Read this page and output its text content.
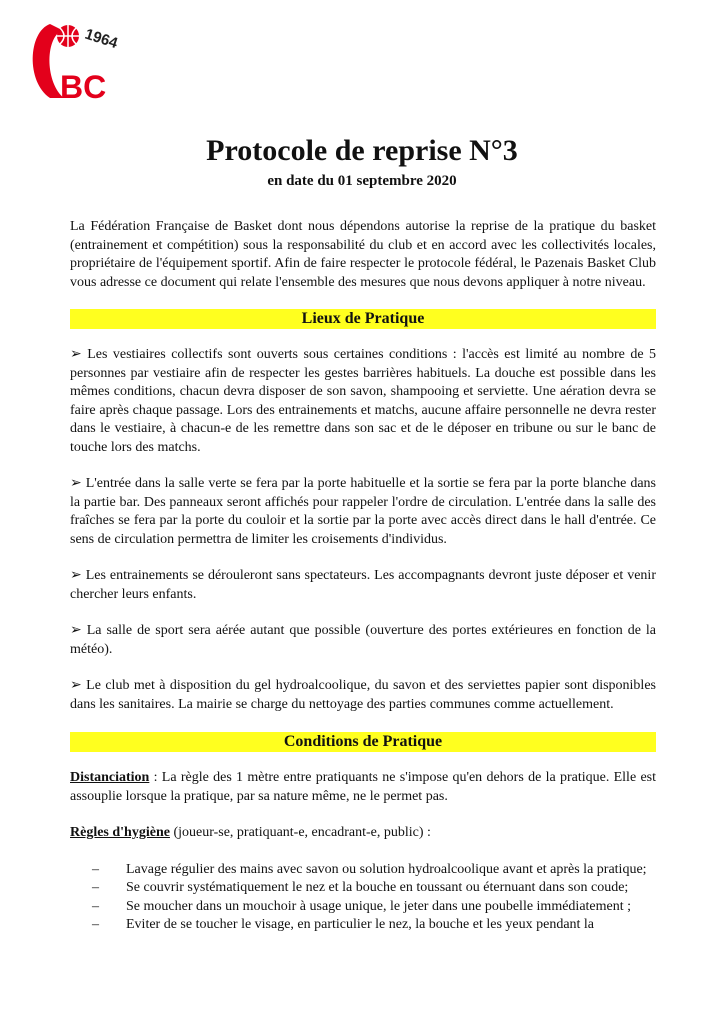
1964
BC
Protocole de reprise N°3
en date du 01 septembre 2020

La Fédération Française de Basket dont nous dépendons autorise la reprise de la pratique du basket (entrainement et compétition) sous la responsabilité du club et en accord avec les collectivités locales, propriétaire de l'équipement sportif. Afin de faire respecter le protocole fédéral, le Pazenais Basket Club vous adresse ce document qui relate l'ensemble des mesures que nous devons appliquer à notre niveau.

Lieux de Pratique

➢ Les vestiaires collectifs sont ouverts sous certaines conditions : l'accès est limité au nombre de 5 personnes par vestiaire afin de respecter les gestes barrières habituels. La douche est possible dans les mêmes conditions, chacun devra disposer de son savon, shampooing et serviette. Une aération devra se faire après chaque passage. Lors des entrainements et matchs, aucune affaire personnelle ne devra rester dans le vestiaire, à chacun-e de les remettre dans son sac et de le déposer en tribune ou sur le banc de touche lors des matchs.

➢ L'entrée dans la salle verte se fera par la porte habituelle et la sortie se fera par la porte blanche dans la partie bar. Des panneaux seront affichés pour rappeler l'ordre de circulation. L'entrée dans la salle des fraîches se fera par la porte du couloir et la sortie par la porte avec accès direct dans le hall d'entrée. Ce sens de circulation permettra de limiter les croisements d'individus.

➢ Les entrainements se dérouleront sans spectateurs. Les accompagnants devront juste déposer et venir chercher leurs enfants.

➢ La salle de sport sera aérée autant que possible (ouverture des portes extérieures en fonction de la météo).

➢ Le club met à disposition du gel hydroalcoolique, du savon et des serviettes papier sont disponibles dans les sanitaires. La mairie se charge du nettoyage des parties communes comme actuellement.

Conditions de Pratique

Distanciation : La règle des 1 mètre entre pratiquants ne s'impose qu'en dehors de la pratique. Elle est assouplie lorsque la pratique, par sa nature même, ne le permet pas.

Règles d'hygiène (joueur-se, pratiquant-e, encadrant-e, public) :

– Lavage régulier des mains avec savon ou solution hydroalcoolique avant et après la pratique;
– Se couvrir systématiquement le nez et la bouche en toussant ou éternuant dans son coude;
– Se moucher dans un mouchoir à usage unique, le jeter dans une poubelle immédiatement ;
– Eviter de se toucher le visage, en particulier le nez, la bouche et les yeux pendant la
